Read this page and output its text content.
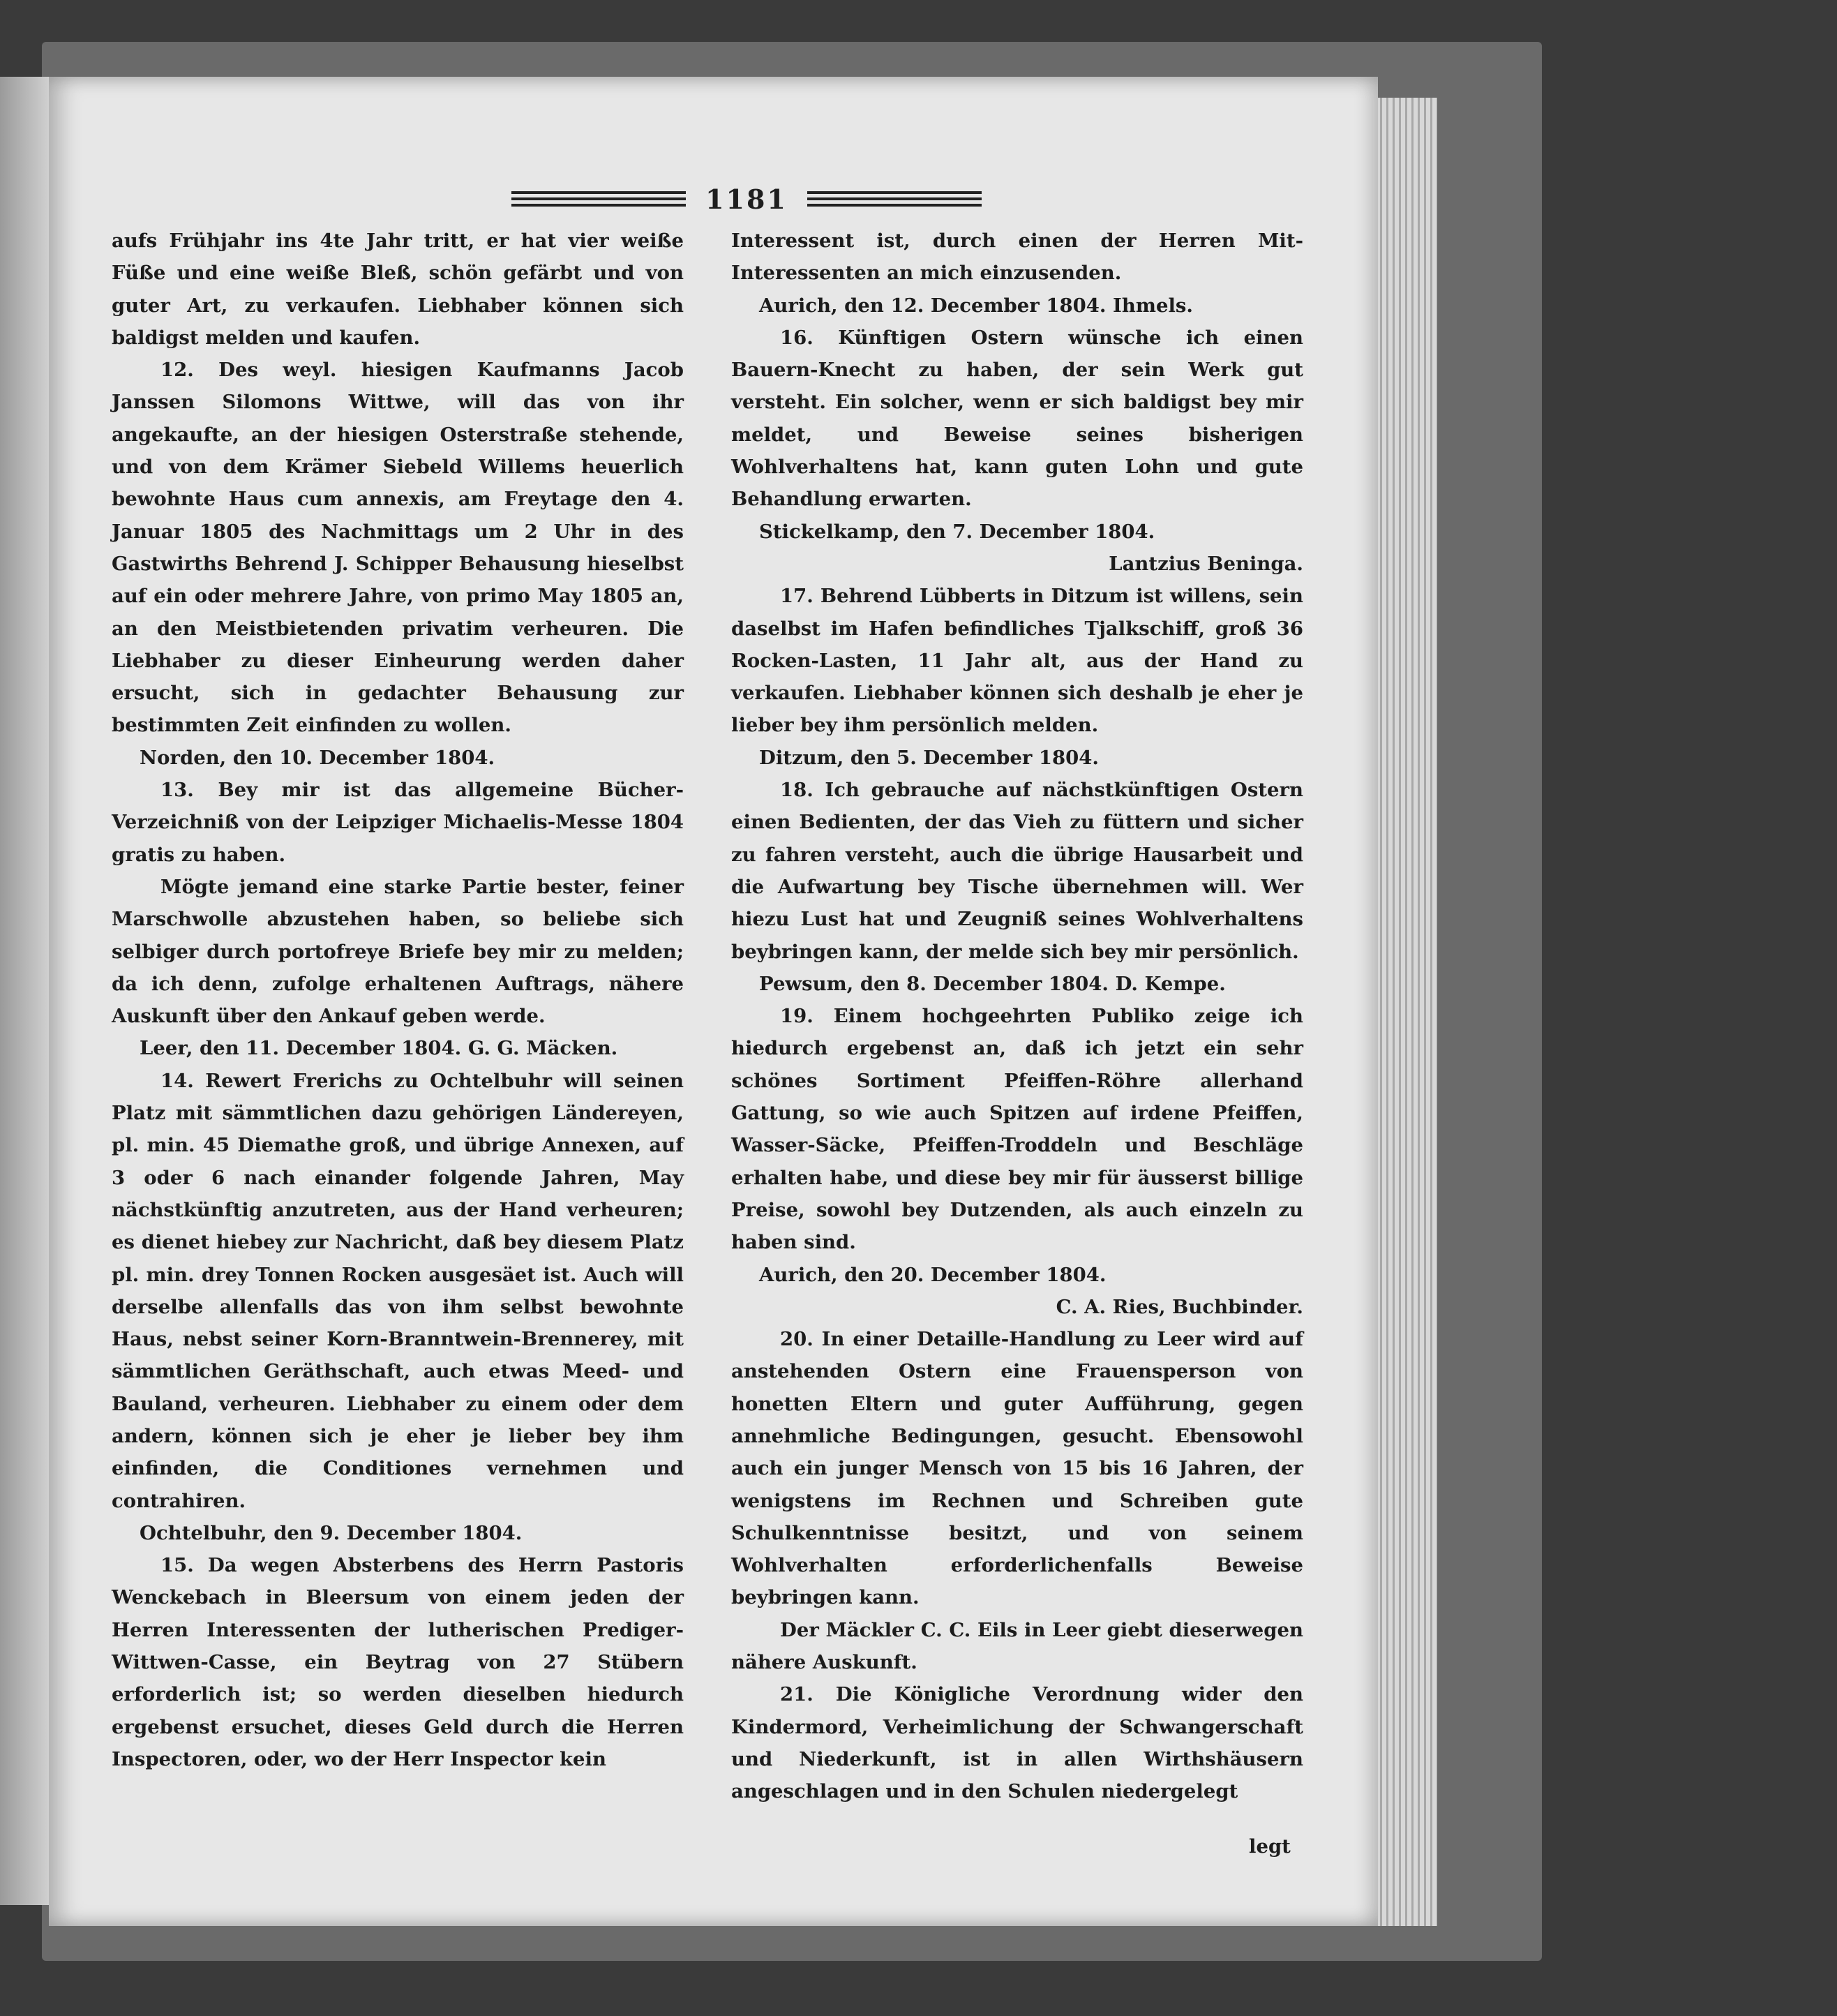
1181

aufs Frühjahr ins 4te Jahr tritt, er hat vier weiße Füße und eine weiße Bleß, schön gefärbt und von guter Art, zu verkaufen. Liebhaber können sich baldigst melden und kaufen.

12. Des weyl. hiesigen Kaufmanns Jacob Janssen Silomons Wittwe, will das von ihr angekaufte, an der hiesigen Osterstraße stehende, und von dem Krämer Siebeld Willems heuerlich bewohnte Haus cum annexis, am Freytage den 4. Januar 1805 des Nachmittags um 2 Uhr in des Gastwirths Behrend J. Schipper Behausung hieselbst auf ein oder mehrere Jahre, von primo May 1805 an, an den Meistbietenden privatim verheuren. Die Liebhaber zu dieser Einheurung werden daher ersucht, sich in gedachter Behausung zur bestimmten Zeit einfinden zu wollen.

Norden, den 10. December 1804.

13. Bey mir ist das allgemeine Bücher-Verzeichniß von der Leipziger Michaelis-Messe 1804 gratis zu haben.

Mögte jemand eine starke Partie bester, feiner Marschwolle abzustehen haben, so beliebe sich selbiger durch portofreye Briefe bey mir zu melden; da ich denn, zufolge erhaltenen Auftrags, nähere Auskunft über den Ankauf geben werde.

Leer, den 11. December 1804. G. G. Mäcken.

14. Rewert Frerichs zu Ochtelbuhr will seinen Platz mit sämmtlichen dazu gehörigen Ländereyen, pl. min. 45 Diemathe groß, und übrige Annexen, auf 3 oder 6 nach einander folgende Jahren, May nächstkünftig anzutreten, aus der Hand verheuren; es dienet hiebey zur Nachricht, daß bey diesem Platz pl. min. drey Tonnen Rocken ausgesäet ist. Auch will derselbe allenfalls das von ihm selbst bewohnte Haus, nebst seiner Korn-Branntwein-Brennerey, mit sämmtlichen Geräthschaft, auch etwas Meed- und Bauland, verheuren. Liebhaber zu einem oder dem andern, können sich je eher je lieber bey ihm einfinden, die Conditiones vernehmen und contrahiren.

Ochtelbuhr, den 9. December 1804.

15. Da wegen Absterbens des Herrn Pastoris Wenckebach in Bleersum von einem jeden der Herren Interessenten der lutherischen Prediger-Wittwen-Casse, ein Beytrag von 27 Stübern erforderlich ist; so werden dieselben hiedurch ergebenst ersuchet, dieses Geld durch die Herren Inspectoren, oder, wo der Herr Inspector kein

Interessent ist, durch einen der Herren Mit-Interessenten an mich einzusenden.

Aurich, den 12. December 1804. Ihmels.

16. Künftigen Ostern wünsche ich einen Bauern-Knecht zu haben, der sein Werk gut versteht. Ein solcher, wenn er sich baldigst bey mir meldet, und Beweise seines bisherigen Wohlverhaltens hat, kann guten Lohn und gute Behandlung erwarten.

Stickelkamp, den 7. December 1804.

Lantzius Beninga.

17. Behrend Lübberts in Ditzum ist willens, sein daselbst im Hafen befindliches Tjalkschiff, groß 36 Rocken-Lasten, 11 Jahr alt, aus der Hand zu verkaufen. Liebhaber können sich deshalb je eher je lieber bey ihm persönlich melden.

Ditzum, den 5. December 1804.

18. Ich gebrauche auf nächstkünftigen Ostern einen Bedienten, der das Vieh zu füttern und sicher zu fahren versteht, auch die übrige Hausarbeit und die Aufwartung bey Tische übernehmen will. Wer hiezu Lust hat und Zeugniß seines Wohlverhaltens beybringen kann, der melde sich bey mir persönlich.

Pewsum, den 8. December 1804. D. Kempe.

19. Einem hochgeehrten Publiko zeige ich hiedurch ergebenst an, daß ich jetzt ein sehr schönes Sortiment Pfeiffen-Röhre allerhand Gattung, so wie auch Spitzen auf irdene Pfeiffen, Wasser-Säcke, Pfeiffen-Troddeln und Beschläge erhalten habe, und diese bey mir für äusserst billige Preise, sowohl bey Dutzenden, als auch einzeln zu haben sind.

Aurich, den 20. December 1804.

C. A. Ries, Buchbinder.

20. In einer Detaille-Handlung zu Leer wird auf anstehenden Ostern eine Frauensperson von honetten Eltern und guter Aufführung, gegen annehmliche Bedingungen, gesucht. Ebensowohl auch ein junger Mensch von 15 bis 16 Jahren, der wenigstens im Rechnen und Schreiben gute Schulkenntnisse besitzt, und von seinem Wohlverhalten erforderlichenfalls Beweise beybringen kann.

Der Mäckler C. C. Eils in Leer giebt dieserwegen nähere Auskunft.

21. Die Königliche Verordnung wider den Kindermord, Verheimlichung der Schwangerschaft und Niederkunft, ist in allen Wirthshäusern angeschlagen und in den Schulen niedergelegt

legt
